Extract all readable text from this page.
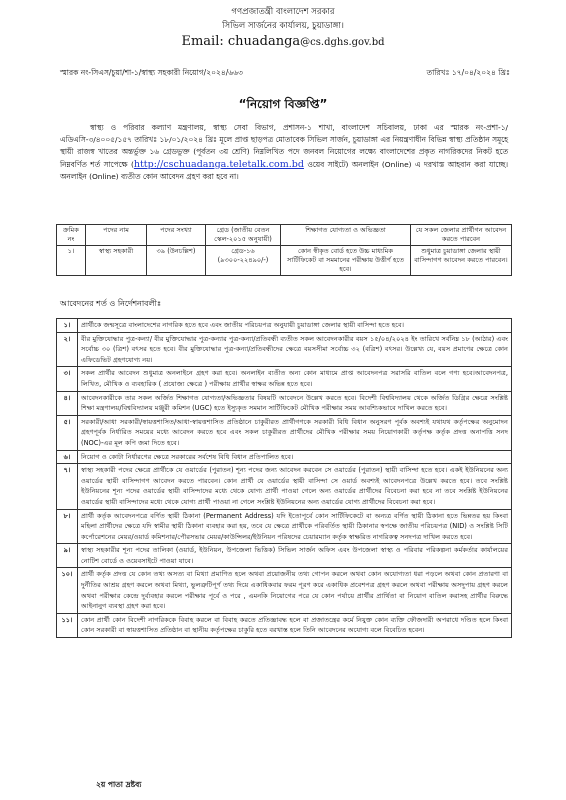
গণপ্রজাতন্ত্রী বাংলাদেশ সরকার
সিভিল সার্জনের কার্যালয়, চুয়াডাঙ্গা।
Email: chuadanga@cs.dghs.gov.bd
স্মারক নং-সিএস/চুয়া/শা-১/স্বাস্থ্য সহকারী নিয়োগ/২০২৪/৬৬৩	তারিখঃ ১৭/০৪/২০২৪ খ্রিঃ
“নিয়োগ বিজ্ঞপ্তি”
স্বাস্থ্য ও পরিবার কল্যাণ মন্ত্রণালয়, স্বাস্থ্য সেবা বিভাগ, প্রশাসন-১ শাখা, বাংলাদেশ সচিবালয়, ঢাকা এর স্মারক নং-প্রশা-১/এডিএসি-৩/৪০০৫/১৫৭ তারিখঃ ১৮/০১/২০২৪ খ্রিঃ মূলে প্রাপ্ত ছাড়পত্র মোতাবেক সিভিল সার্জন, চুয়াডাঙ্গা এর নিয়ন্ত্রণাধীন বিভিন্ন স্বাস্থ্য প্রতিষ্ঠান সমূহে স্থায়ী রাজস্ব খাতের অন্তর্ভুক্ত ১৬ গ্রেডভুক্ত (পূর্বতন ৩য় শ্রেণি) নিম্নলিখিত পদে জনবল নিয়োগের লক্ষ্যে বাংলাদেশের প্রকৃত নাগরিকদের নিকট হতে নিম্নবর্ণিত শর্ত সাপেক্ষে (http://cschuadanga.teletalk.com.bd ওয়েব সাইটে) অনলাইন (Online) এ দরখাস্ত আহবান করা যাচ্ছে। অনলাইন (Online) ব্যতীত কোন আবেদন গ্রহণ করা হবে না।
ক্রমিক নং	পদের নাম	পদের সংখ্যা	গ্রেড (জাতীয় বেতন স্কেল-২০১৫ অনুযায়ী)	শিক্ষাগত যোগ্যতা ও অভিজ্ঞতা	যে সকল জেলার প্রার্থীগন আবেদন করতে পারবেন
১।	স্বাস্থ্য সহকারী	৩৯ (উনচল্লিশ)	গ্রেড-১৬ (৯৩০০-২২৪৯০/-)	কোন স্বীকৃত বোর্ড হতে উচ্চ মাধ্যমিক সার্টিফিকেট বা সমমানের পরীক্ষায় উত্তীর্ণ হতে হবে।	শুধুমাত্র চুয়াডাঙ্গা জেলার স্থায়ী বাসিন্দাগণ আবেদন করতে পারবেন।
আবেদনের শর্ত ও নির্দেশনাবলীঃ
১।	প্রার্থীকে জন্মসূত্রে বাংলাদেশের নাগরিক হতে হবে এবং জাতীয় পরিচয়পত্র অনুযায়ী চুয়াডাঙ্গা জেলার স্থায়ী বাসিন্দা হতে হবে।
২।	বীর মুক্তিযোদ্ধার পুত্র-কন্যা/ বীর মুক্তিযোদ্ধার পুত্র-কন্যার পুত্র-কন্যা/প্রতিবন্ধী ব্যতীত সকল আবেদনকারীর বয়স ১৫/০৪/২০২৪ ইং তারিখে সর্বনিম্ন ১৮ (আঠার) এবং সর্বোচ্চ ৩০ (ত্রিশ) বৎসর হতে হবে। বীর মুক্তিযোদ্ধার পুত্র-কন্যা/প্রতিবন্ধীদের ক্ষেত্রে বয়সসীমা সর্বোচ্চ ৩২ (বত্রিশ) বৎসর। উল্লেখ্য যে, বয়স প্রমাণের ক্ষেত্রে কোন এফিডেভিট গ্রহণযোগ্য নয়।
৩।	সকল প্রার্থীর আবেদন শুধুমাত্র অনলাইনে গ্রহণ করা হবে। অনলাইন ব্যতীত অন্য কোন মাধ্যমে প্রাপ্ত আবেদনপত্র সরাসরি বাতিল বলে গণ্য হবে।আবেদনপত্র, লিখিত, মৌখিক ও ব্যবহারিক ( প্রযোজ্য ক্ষেত্রে ) পরীক্ষায় প্রার্থীর স্বাক্ষর অভিন্ন হতে হবে।
৪।	আবেদনকারীকে তার সকল অর্জিত শিক্ষাগত যোগ্যতা/অভিজ্ঞতার বিষয়টি আবেদনে উল্লেখ করতে হবে। বিদেশী বিশ্ববিদ্যালয় থেকে অর্জিত ডিগ্রির ক্ষেত্রে সংশ্লিষ্ট শিক্ষা মন্ত্রণালয়/বিশ্ববিদ্যালয় মঞ্জুরী কমিশন (UGC) হতে ইস্যুকৃত সমমান সার্টিফিকেট মৌখিক পরীক্ষার সময় আবশ্যিকভাবে দাখিল করতে হবে।
৫।	সরকারী/আধা সরকারী/স্বায়ত্তশাসিত/আধা-স্বায়ত্তশাসিত প্রতিষ্ঠানে চাকুরীরত প্রার্থীগণকে সরকারী বিধি বিধান অনুসরণ পূর্বক অবশ্যই যথাযথ কর্তৃপক্ষের অনুমোদন গ্রহণপূর্বক নির্ধারিত সময়ের মধ্যে আবেদন করতে হবে এবং সকল চাকুরীরত প্রার্থীদের মৌখিক পরীক্ষার সময় নিয়োগকারী কর্তৃপক্ষ কর্তৃক প্রদত্ত অনাপত্তি সনদ (NOC)-এর মূল কপি জমা দিতে হবে।
৬।	নিয়োগ ও কোটা নির্ধারণের ক্ষেত্রে সরকারের সর্বশেষ বিধি বিধান প্রতিপালিত হবে।
৭।	স্বাস্থ্য সহকারী পদের ক্ষেত্রে প্রার্থীকে যে ওয়ার্ডের (পুরাতন) শূন্য পদের জন্য আবেদন করবেন সে ওয়ার্ডের (পুরাতন) স্থায়ী বাসিন্দা হতে হবে। একই ইউনিয়নের অন্য ওয়ার্ডের স্থায়ী বাসিন্দাগণ আবেদন করতে পারবেন। কোন প্রার্থী যে ওয়ার্ডের স্থায়ী বাসিন্দা সে ওয়ার্ড অবশ্যই আবেদনপত্রে উল্লেখ করতে হবে। তবে সংশ্লিষ্ট ইউনিয়নের শূন্য পদের ওয়ার্ডের স্থায়ী বাসিন্দাদের মধ্যে থেকে যোগ্য প্রার্থী পাওয়া গেলে অন্য ওয়ার্ডের প্রার্থীদের বিবেচনা করা হবে না তবে সংশ্লিষ্ট ইউনিয়নের ওয়ার্ডের স্থায়ী বাসিন্দাদের মধ্যে থেকে যোগ্য প্রার্থী পাওয়া না গেলে সংশ্লিষ্ট ইউনিয়নের অন্য ওয়ার্ডের যোগ্য প্রার্থীদের বিবেচনা করা হবে।
৮।	প্রার্থী কর্তৃক আবেদনপত্রে বর্ণিত স্থায়ী ঠিকানা (Permanent Address) যদি ইতোপূর্বে কোন সার্টিফিকেটে বা অন্যত্র বর্ণিত স্থায়ী ঠিকানা হতে ভিন্নতর হয় কিংবা মহিলা প্রার্থীদের ক্ষেত্রে যদি স্বামীর স্থায়ী ঠিকানা ব্যবহার করা হয়, তবে যে ক্ষেত্রে প্রার্থীকে পরিবর্তিত স্থায়ী ঠিকানার স্বপক্ষে জাতীয় পরিচয়পত্র (NID) ও সংশ্লিষ্ট সিটি কর্পোরেশনের মেয়র/ওয়ার্ড কমিশনার/পৌরসভার মেয়র/কাউন্সিলর/ইউনিয়ন পরিষদের চেয়ারম্যান কর্তৃক স্বাক্ষরিত নাগরিকত্ব সনদপত্র দাখিল করতে হবে।
৯।	স্বাস্থ্য সহকারীর শূন্য পদের তালিকা (ওয়ার্ড, ইউনিয়ন, উপজেলা ভিত্তিক) সিভিল সার্জন অফিস এবং উপজেলা স্বাস্থ্য ও পরিবার পরিকল্পনা কর্মকর্তার কার্যালয়ের নোটিশ বোর্ডে ও ওয়েবসাইটে পাওয়া যাবে।
১০।	প্রার্থী কর্তৃক প্রদত্ত যে কোন তথ্য অসত্য বা মিথ্যা প্রমাণিত হলে অথবা প্রয়োজনীয় তথ্য গোপন করলে অথবা কোন অযোগ্যতা ধরা পড়লে অথবা কোন প্রতারণা বা দুর্নীতির আশ্রয় গ্রহণ করলে অথবা মিথ্যা, ভুলত্রুটিপূর্ণ তথ্য দিয়ে একাধিকবার ফরম পূরণ করে একাধিক প্রবেশপত্র গ্রহণ করলে অথবা পরীক্ষায় অসদুপায় গ্রহণ করলে অথবা পরীক্ষার কেন্দ্রে দুর্ব্যবহার করলে পরীক্ষার পূর্বে ও পরে , এমনকি নিয়োগের পরে যে কোন পর্যায়ে প্রার্থীর প্রার্থিতা বা নিয়োগ বাতিল করাসহ প্রার্থীর বিরুদ্ধে আইনানুগ ব্যবস্থা গ্রহণ করা হবে।
১১।	কোন প্রার্থী কোন বিদেশী নাগরিককে বিবাহ করলে বা বিবাহ করতে প্রতিজ্ঞাবদ্ধ হলে বা প্রজাতন্ত্রের কর্মে নিযুক্ত কোন ব্যক্তি ফৌজদারী অপরাধে দণ্ডিত হলে কিংবা কোন সরকারী বা স্বায়ত্তশাসিত প্রতিষ্ঠান বা স্থানীয় কর্তৃপক্ষের চাকুরি হতে বরখাস্ত হলে তিনি আবেদনের অযোগ্য বলে বিবেচিত হবেন।
২য় পাতা দ্রষ্টব্য
